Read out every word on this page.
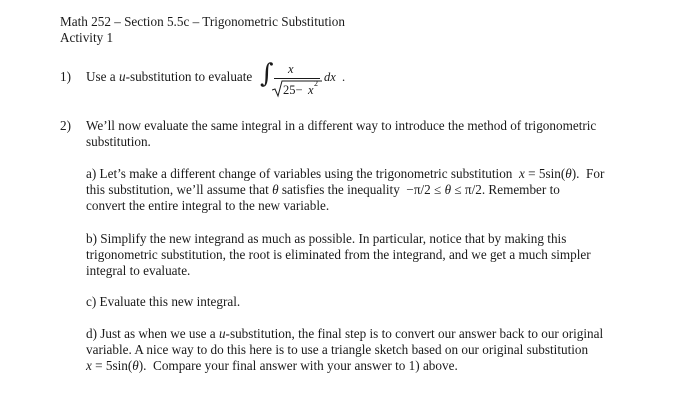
Math 252 – Section 5.5c – Trigonometric Substitution
Activity 1
1) Use a u-substitution to evaluate ∫ x
25− x 2 dx .
2) We’ll now evaluate the same integral in a different way to introduce the method of trigonometric
substitution.
a) Let’s make a different change of variables using the trigonometric substitution x = 5sin(θ). For
this substitution, we’ll assume that θ satisfies the inequality −π/2 ≤ θ ≤ π/2. Remember to
convert the entire integral to the new variable.
b) Simplify the new integrand as much as possible. In particular, notice that by making this
trigonometric substitution, the root is eliminated from the integrand, and we get a much simpler
integral to evaluate.
c) Evaluate this new integral.
d) Just as when we use a u-substitution, the final step is to convert our answer back to our original
variable. A nice way to do this here is to use a triangle sketch based on our original substitution
x = 5sin(θ). Compare your final answer with your answer to 1) above.
